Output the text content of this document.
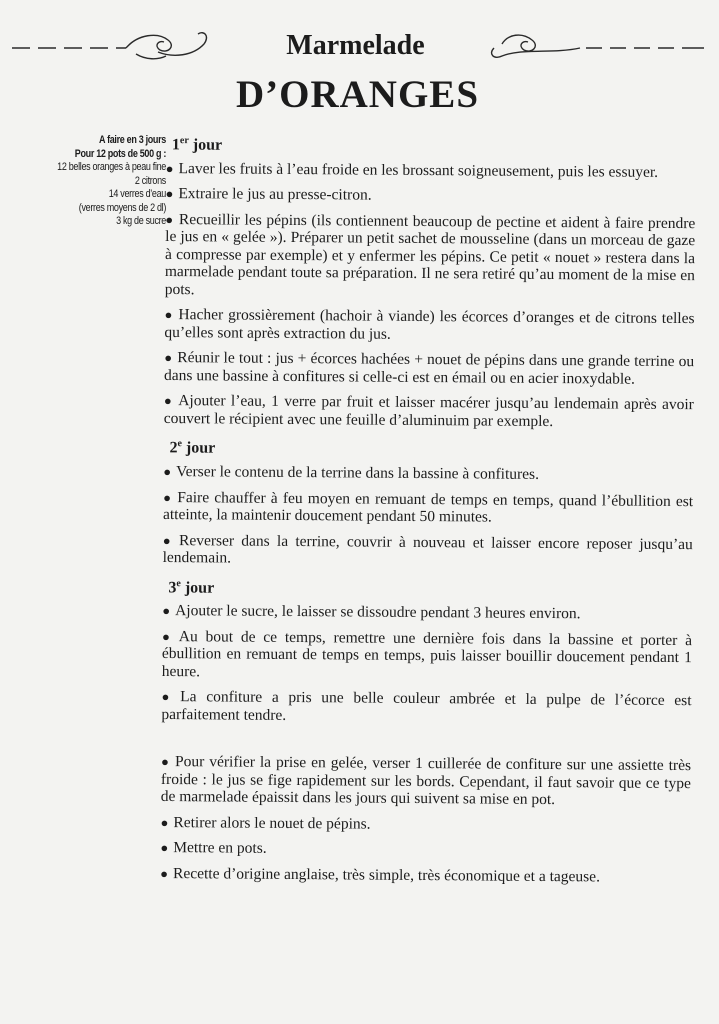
Marmelade
D’ORANGES
A faire en 3 jours
Pour 12 pots de 500 g :
12 belles oranges à peau fine
2 citrons
14 verres d’eau
(verres moyens de 2 dl)
3 kg de sucre
1er jour
● Laver les fruits à l’eau froide en les brossant soigneusement, puis les essuyer.
● Extraire le jus au presse-citron.
● Recueillir les pépins (ils contiennent beaucoup de pectine et aident à faire prendre le jus en « gelée »). Préparer un petit sachet de mousseline (dans un morceau de gaze à compresse par exemple) et y enfermer les pépins. Ce petit « nouet » restera dans la marmelade pendant toute sa préparation. Il ne sera retiré qu’au moment de la mise en pots.
● Hacher grossièrement (hachoir à viande) les écorces d’oranges et de citrons telles qu’elles sont après extraction du jus.
● Réunir le tout : jus + écorces hachées + nouet de pépins dans une grande terrine ou dans une bassine à confitures si celle-ci est en émail ou en acier inoxydable.
● Ajouter l’eau, 1 verre par fruit et laisser macérer jusqu’au lendemain après avoir couvert le récipient avec une feuille d’aluminuim par exemple.
2e jour
● Verser le contenu de la terrine dans la bassine à confitures.
● Faire chauffer à feu moyen en remuant de temps en temps, quand l’ébullition est atteinte, la maintenir doucement pendant 50 minutes.
● Reverser dans la terrine, couvrir à nouveau et laisser encore reposer jusqu’au lendemain.
3e jour
● Ajouter le sucre, le laisser se dissoudre pendant 3 heures environ.
● Au bout de ce temps, remettre une dernière fois dans la bassine et porter à ébullition en remuant de temps en temps, puis laisser bouillir doucement pendant 1 heure.
● La confiture a pris une belle couleur ambrée et la pulpe de l’écorce est parfaitement tendre.
● Pour vérifier la prise en gelée, verser 1 cuillerée de confiture sur une assiette très froide : le jus se fige rapidement sur les bords. Cependant, il faut savoir que ce type de marmelade épaissit dans les jours qui suivent sa mise en pot.
● Retirer alors le nouet de pépins.
● Mettre en pots.
● Recette d’origine anglaise, très simple, très économique et a tageuse.
